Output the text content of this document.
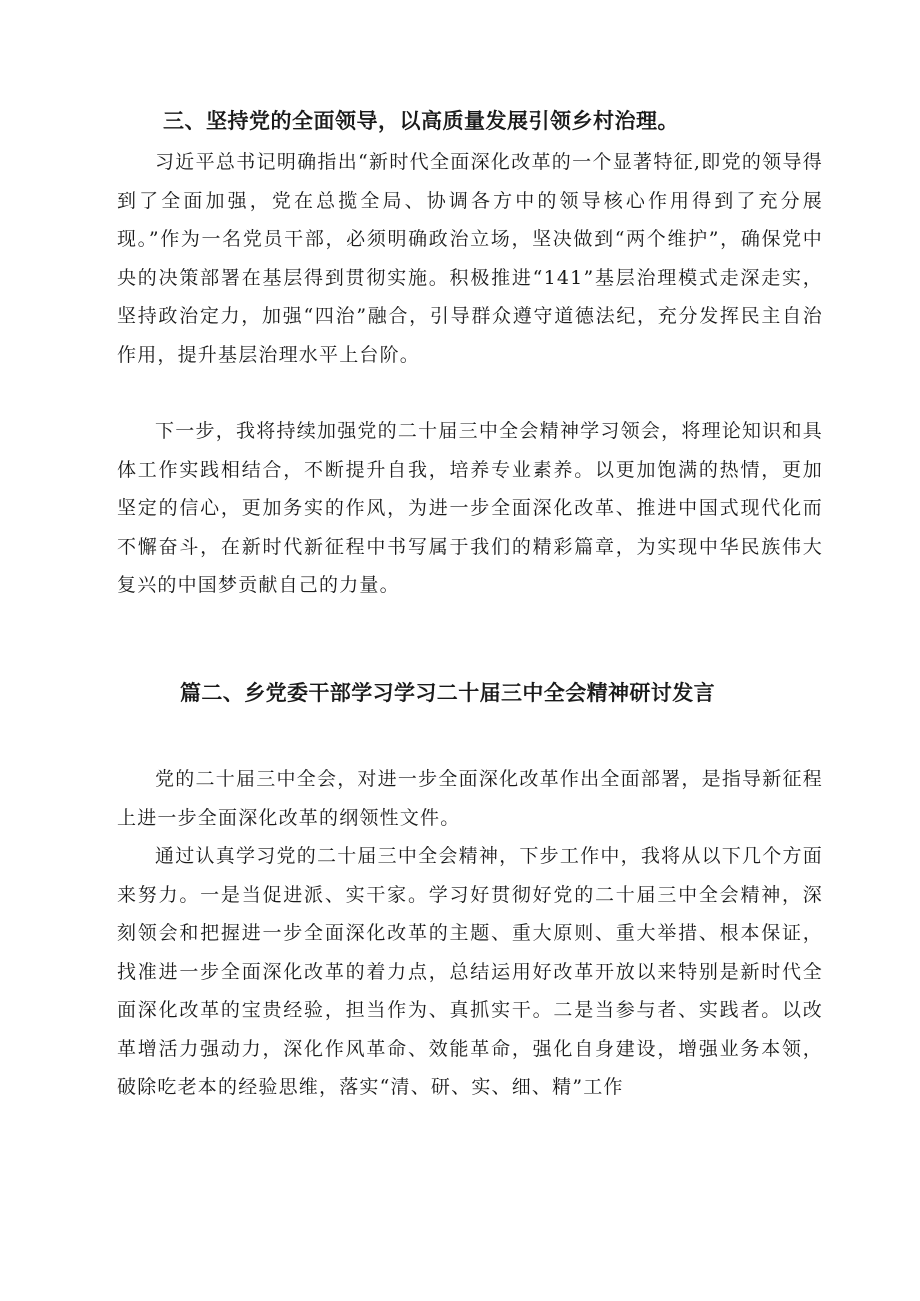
三、坚持党的全面领导，以高质量发展引领乡村治理。

习近平总书记明确指出“新时代全面深化改革的一个显著特征,即党的领导得到了全面加强，党在总揽全局、协调各方中的领导核心作用得到了充分展现。”作为一名党员干部，必须明确政治立场，坚决做到“两个维护”，确保党中央的决策部署在基层得到贯彻实施。积极推进“141”基层治理模式走深走实，坚持政治定力，加强“四治”融合，引导群众遵守道德法纪，充分发挥民主自治作用，提升基层治理水平上台阶。

下一步，我将持续加强党的二十届三中全会精神学习领会，将理论知识和具体工作实践相结合，不断提升自我，培养专业素养。以更加饱满的热情，更加坚定的信心，更加务实的作风，为进一步全面深化改革、推进中国式现代化而不懈奋斗，在新时代新征程中书写属于我们的精彩篇章，为实现中华民族伟大复兴的中国梦贡献自己的力量。

篇二、乡党委干部学习学习二十届三中全会精神研讨发言

党的二十届三中全会，对进一步全面深化改革作出全面部署，是指导新征程上进一步全面深化改革的纲领性文件。

通过认真学习党的二十届三中全会精神，下步工作中，我将从以下几个方面来努力。一是当促进派、实干家。学习好贯彻好党的二十届三中全会精神，深刻领会和把握进一步全面深化改革的主题、重大原则、重大举措、根本保证，找准进一步全面深化改革的着力点，总结运用好改革开放以来特别是新时代全面深化改革的宝贵经验，担当作为、真抓实干。二是当参与者、实践者。以改革增活力强动力，深化作风革命、效能革命，强化自身建设，增强业务本领，破除吃老本的经验思维，落实“清、研、实、细、精”工作
